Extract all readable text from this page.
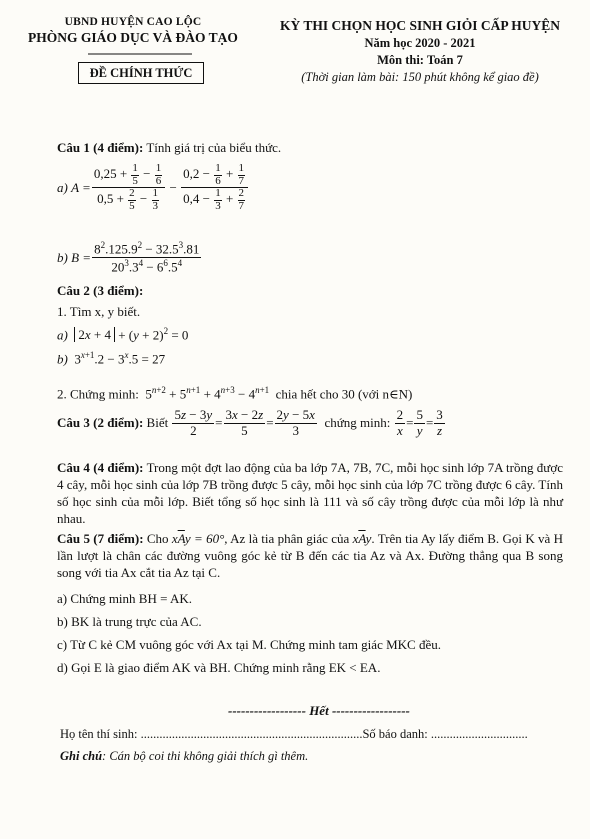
UBND HUYỆN CAO LỘC
PHÒNG GIÁO DỤC VÀ ĐÀO TẠO
ĐỀ CHÍNH THỨC
KỲ THI CHỌN HỌC SINH GIỎI CẤP HUYỆN
Năm học 2020 - 2021
Môn thi: Toán 7
(Thời gian làm bài: 150 phút không kể giao đề)
Câu 1 (4 điểm): Tính giá trị của biểu thức.
a)
$A = \frac{0,25 + \frac{1}{5} - \frac{1}{6}}{0,5 + \frac{2}{5} - \frac{1}{3}} - \frac{0,2 - \frac{1}{6} + \frac{1}{7}}{0,4 - \frac{1}{3} + \frac{2}{7}}$
b)
$B = \frac{8^2.125.9^2 - 32.5^3.81}{20^3.3^4 - 6^6.5^4}$
Câu 2 (3 điểm):
1. Tìm x, y biết.
a) $2x + 4 + (y + 2)^2 = 0$
b)  $3^{x+1}.2 - 3^x.5 = 27$
2. Chứng minh:  $5^{n+2} + 5^{n+1} + 4^{n+3} - 4^{n+1}$ chia hết cho 30 (với n∈N)
Câu 3 (2 điểm):
Biết
$\frac{5z - 3y}{2} = \frac{3x - 2z}{5} = \frac{2y - 5x}{3}$
chứng minh:
$\frac{2}{x} = \frac{5}{y} = \frac{3}{z}$
Câu 4 (4 điểm): Trong một đợt lao động của ba lớp 7A, 7B, 7C, mỗi học sinh lớp 7A trồng được 4 cây, mỗi học sinh của lớp 7B trồng được 5 cây, mỗi học sinh của lớp 7C trồng được 6 cây. Tính số học sinh của mỗi lớp. Biết tổng số học sinh là 111 và số cây trồng được của mỗi lớp là như nhau.
Câu 5 (7 điểm): Cho $x\overline{A}y = 60^\circ$, Az là tia phân giác của $x\overline{A}y$. Trên tia Ay lấy điểm B. Gọi K và H lần lượt là chân các đường vuông góc kẻ từ B đến các tia Az và Ax. Đường thẳng qua B song song với tia Ax cắt tia Az tại C.
a) Chứng minh BH = AK.
b) BK là trung trực của AC.
c) Từ C kẻ CM vuông góc với Ax tại M. Chứng minh tam giác MKC đều.
d) Gọi E là giao điểm AK và BH. Chứng minh rằng EK < EA.
------------------ Hết ------------------
Họ tên thí sinh: .......................................................................Số báo danh: ...............................
Ghi chú: Cán bộ coi thi không giải thích gì thêm.
